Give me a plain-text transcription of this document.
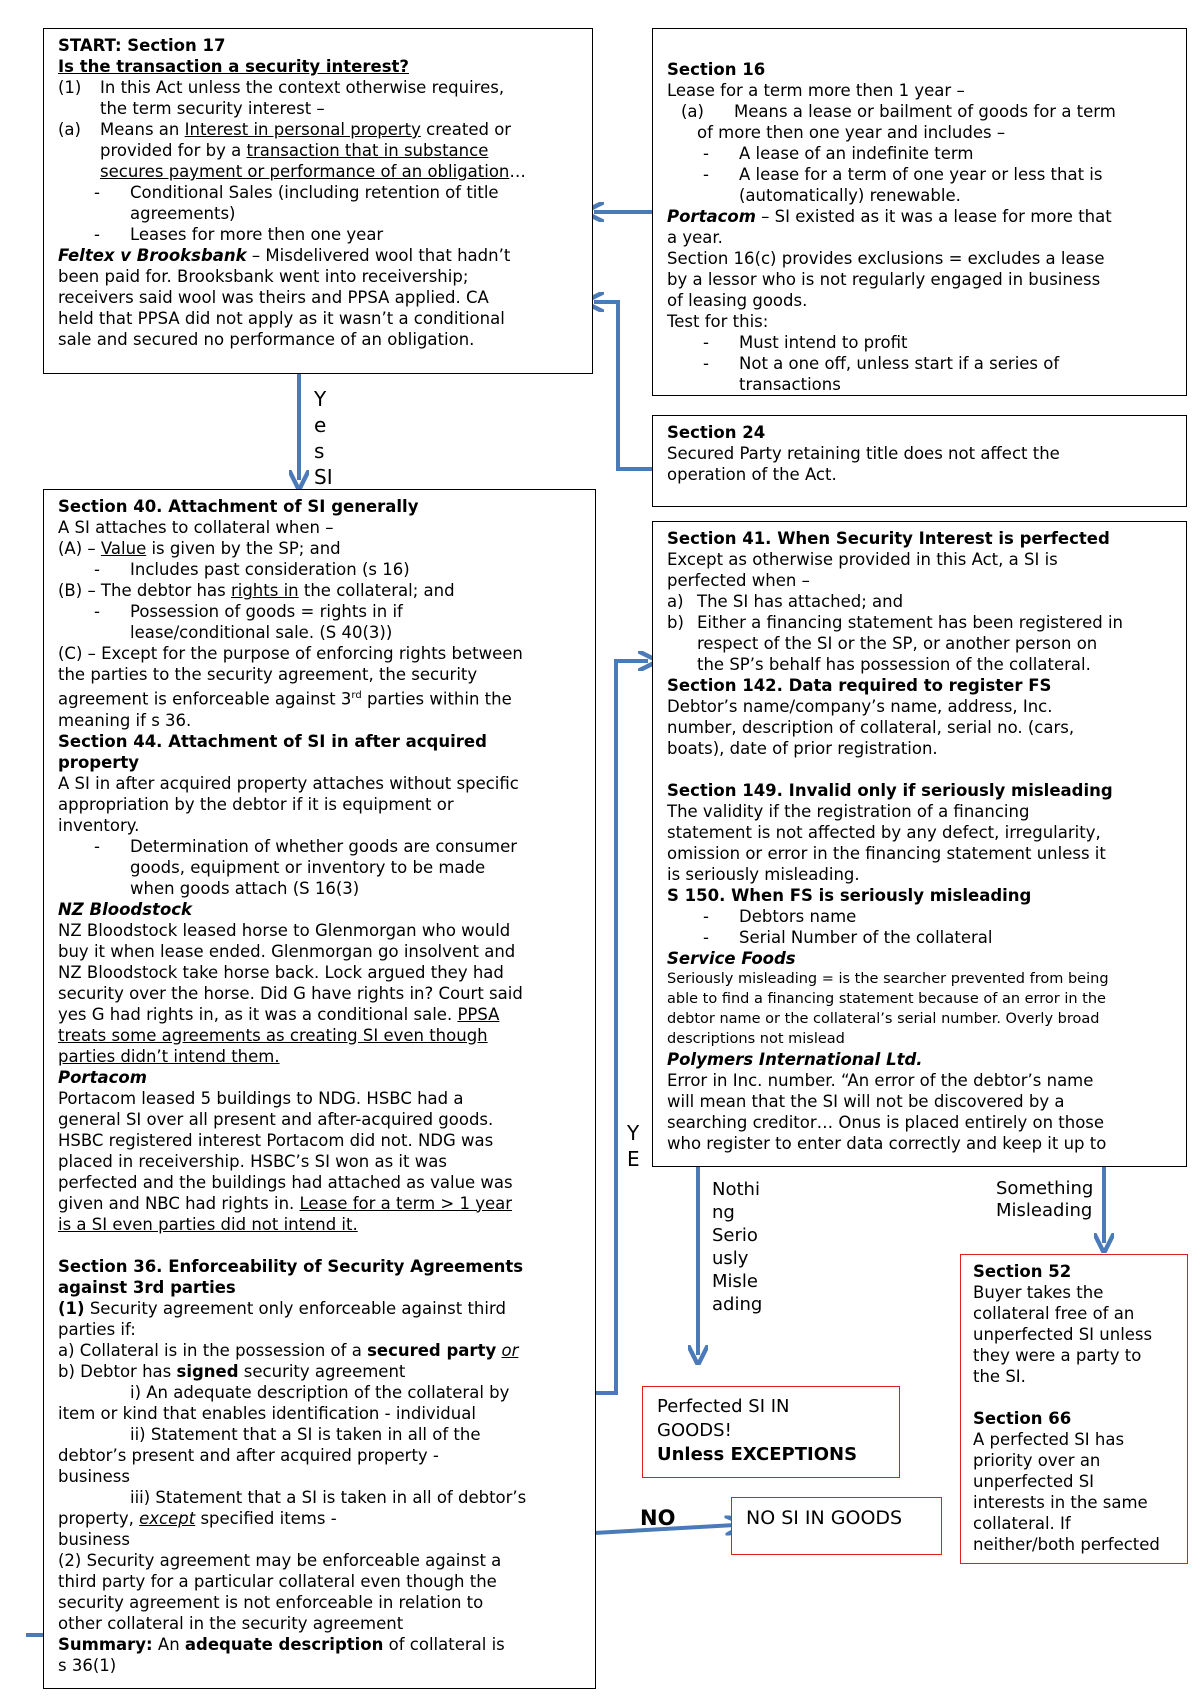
START: Section 17
Is the transaction a security interest?
(1) In this Act unless the context otherwise requires,
the term security interest –
(a) Means an Interest in personal property created or
provided for by a transaction that in substance
secures payment or performance of an obligation…
- Conditional Sales (including retention of title
agreements)
- Leases for more then one year
Feltex v Brooksbank – Misdelivered wool that hadn’t
been paid for. Brooksbank went into receivership;
receivers said wool was theirs and PPSA applied. CA
held that PPSA did not apply as it wasn’t a conditional
sale and secured no performance of an obligation.
Section 16
Lease for a term more then 1 year –
(a) Means a lease or bailment of goods for a term
of more then one year and includes –
- A lease of an indefinite term
- A lease for a term of one year or less that is
(automatically) renewable.
Portacom – SI existed as it was a lease for more that
a year.
Section 16(c) provides exclusions = excludes a lease
by a lessor who is not regularly engaged in business
of leasing goods.
Test for this:
- Must intend to profit
- Not a one off, unless start if a series of
transactions
Section 24
Secured Party retaining title does not affect the
operation of the Act.
Section 40. Attachment of SI generally
A SI attaches to collateral when –
(A) – Value is given by the SP; and
- Includes past consideration (s 16)
(B) – The debtor has rights in the collateral; and
- Possession of goods = rights in if
lease/conditional sale. (S 40(3))
(C) – Except for the purpose of enforcing rights between
the parties to the security agreement, the security
agreement is enforceable against 3rd parties within the
meaning if s 36.
Section 44. Attachment of SI in after acquired
property
A SI in after acquired property attaches without specific
appropriation by the debtor if it is equipment or
inventory.
- Determination of whether goods are consumer
goods, equipment or inventory to be made
when goods attach (S 16(3)
NZ Bloodstock
NZ Bloodstock leased horse to Glenmorgan who would
buy it when lease ended. Glenmorgan go insolvent and
NZ Bloodstock take horse back. Lock argued they had
security over the horse. Did G have rights in? Court said
yes G had rights in, as it was a conditional sale. PPSA
treats some agreements as creating SI even though
parties didn’t intend them.
Portacom
Portacom leased 5 buildings to NDG. HSBC had a
general SI over all present and after-acquired goods.
HSBC registered interest Portacom did not. NDG was
placed in receivership. HSBC’s SI won as it was
perfected and the buildings had attached as value was
given and NBC had rights in. Lease for a term > 1 year
is a SI even parties did not intend it.
Section 36. Enforceability of Security Agreements
against 3rd parties
(1) Security agreement only enforceable against third
parties if:
a) Collateral is in the possession of a secured party or
b) Debtor has signed security agreement
i) An adequate description of the collateral by
item or kind that enables identification - individual
ii) Statement that a SI is taken in all of the
debtor’s present and after acquired property -
business
iii) Statement that a SI is taken in all of debtor’s
property, except specified items -
business
(2) Security agreement may be enforceable against a
third party for a particular collateral even though the
security agreement is not enforceable in relation to
other collateral in the security agreement
Summary: An adequate description of collateral is
s 36(1)
Section 41. When Security Interest is perfected
Except as otherwise provided in this Act, a SI is
perfected when –
a) The SI has attached; and
b) Either a financing statement has been registered in
respect of the SI or the SP, or another person on
the SP’s behalf has possession of the collateral.
Section 142. Data required to register FS
Debtor’s name/company’s name, address, Inc.
number, description of collateral, serial no. (cars,
boats), date of prior registration.
Section 149. Invalid only if seriously misleading
The validity if the registration of a financing
statement is not affected by any defect, irregularity,
omission or error in the financing statement unless it
is seriously misleading.
S 150. When FS is seriously misleading
- Debtors name
- Serial Number of the collateral
Service Foods
Seriously misleading = is the searcher prevented from being
able to find a financing statement because of an error in the
debtor name or the collateral’s serial number. Overly broad
descriptions not mislead
Polymers International Ltd.
Error in Inc. number. “An error of the debtor’s name
will mean that the SI will not be discovered by a
searching creditor… Onus is placed entirely on those
who register to enter data correctly and keep it up to
Section 52
Buyer takes the
collateral free of an
unperfected SI unless
they were a party to
the SI.
Section 66
A perfected SI has
priority over an
unperfected SI
interests in the same
collateral. If
neither/both perfected
Perfected SI IN
GOODS!
Unless EXCEPTIONS
NO SI IN GOODS
Y
e
s
SI
Y
E
Nothi
ng
Serio
usly
Misle
ading
Something
Misleading
NO
